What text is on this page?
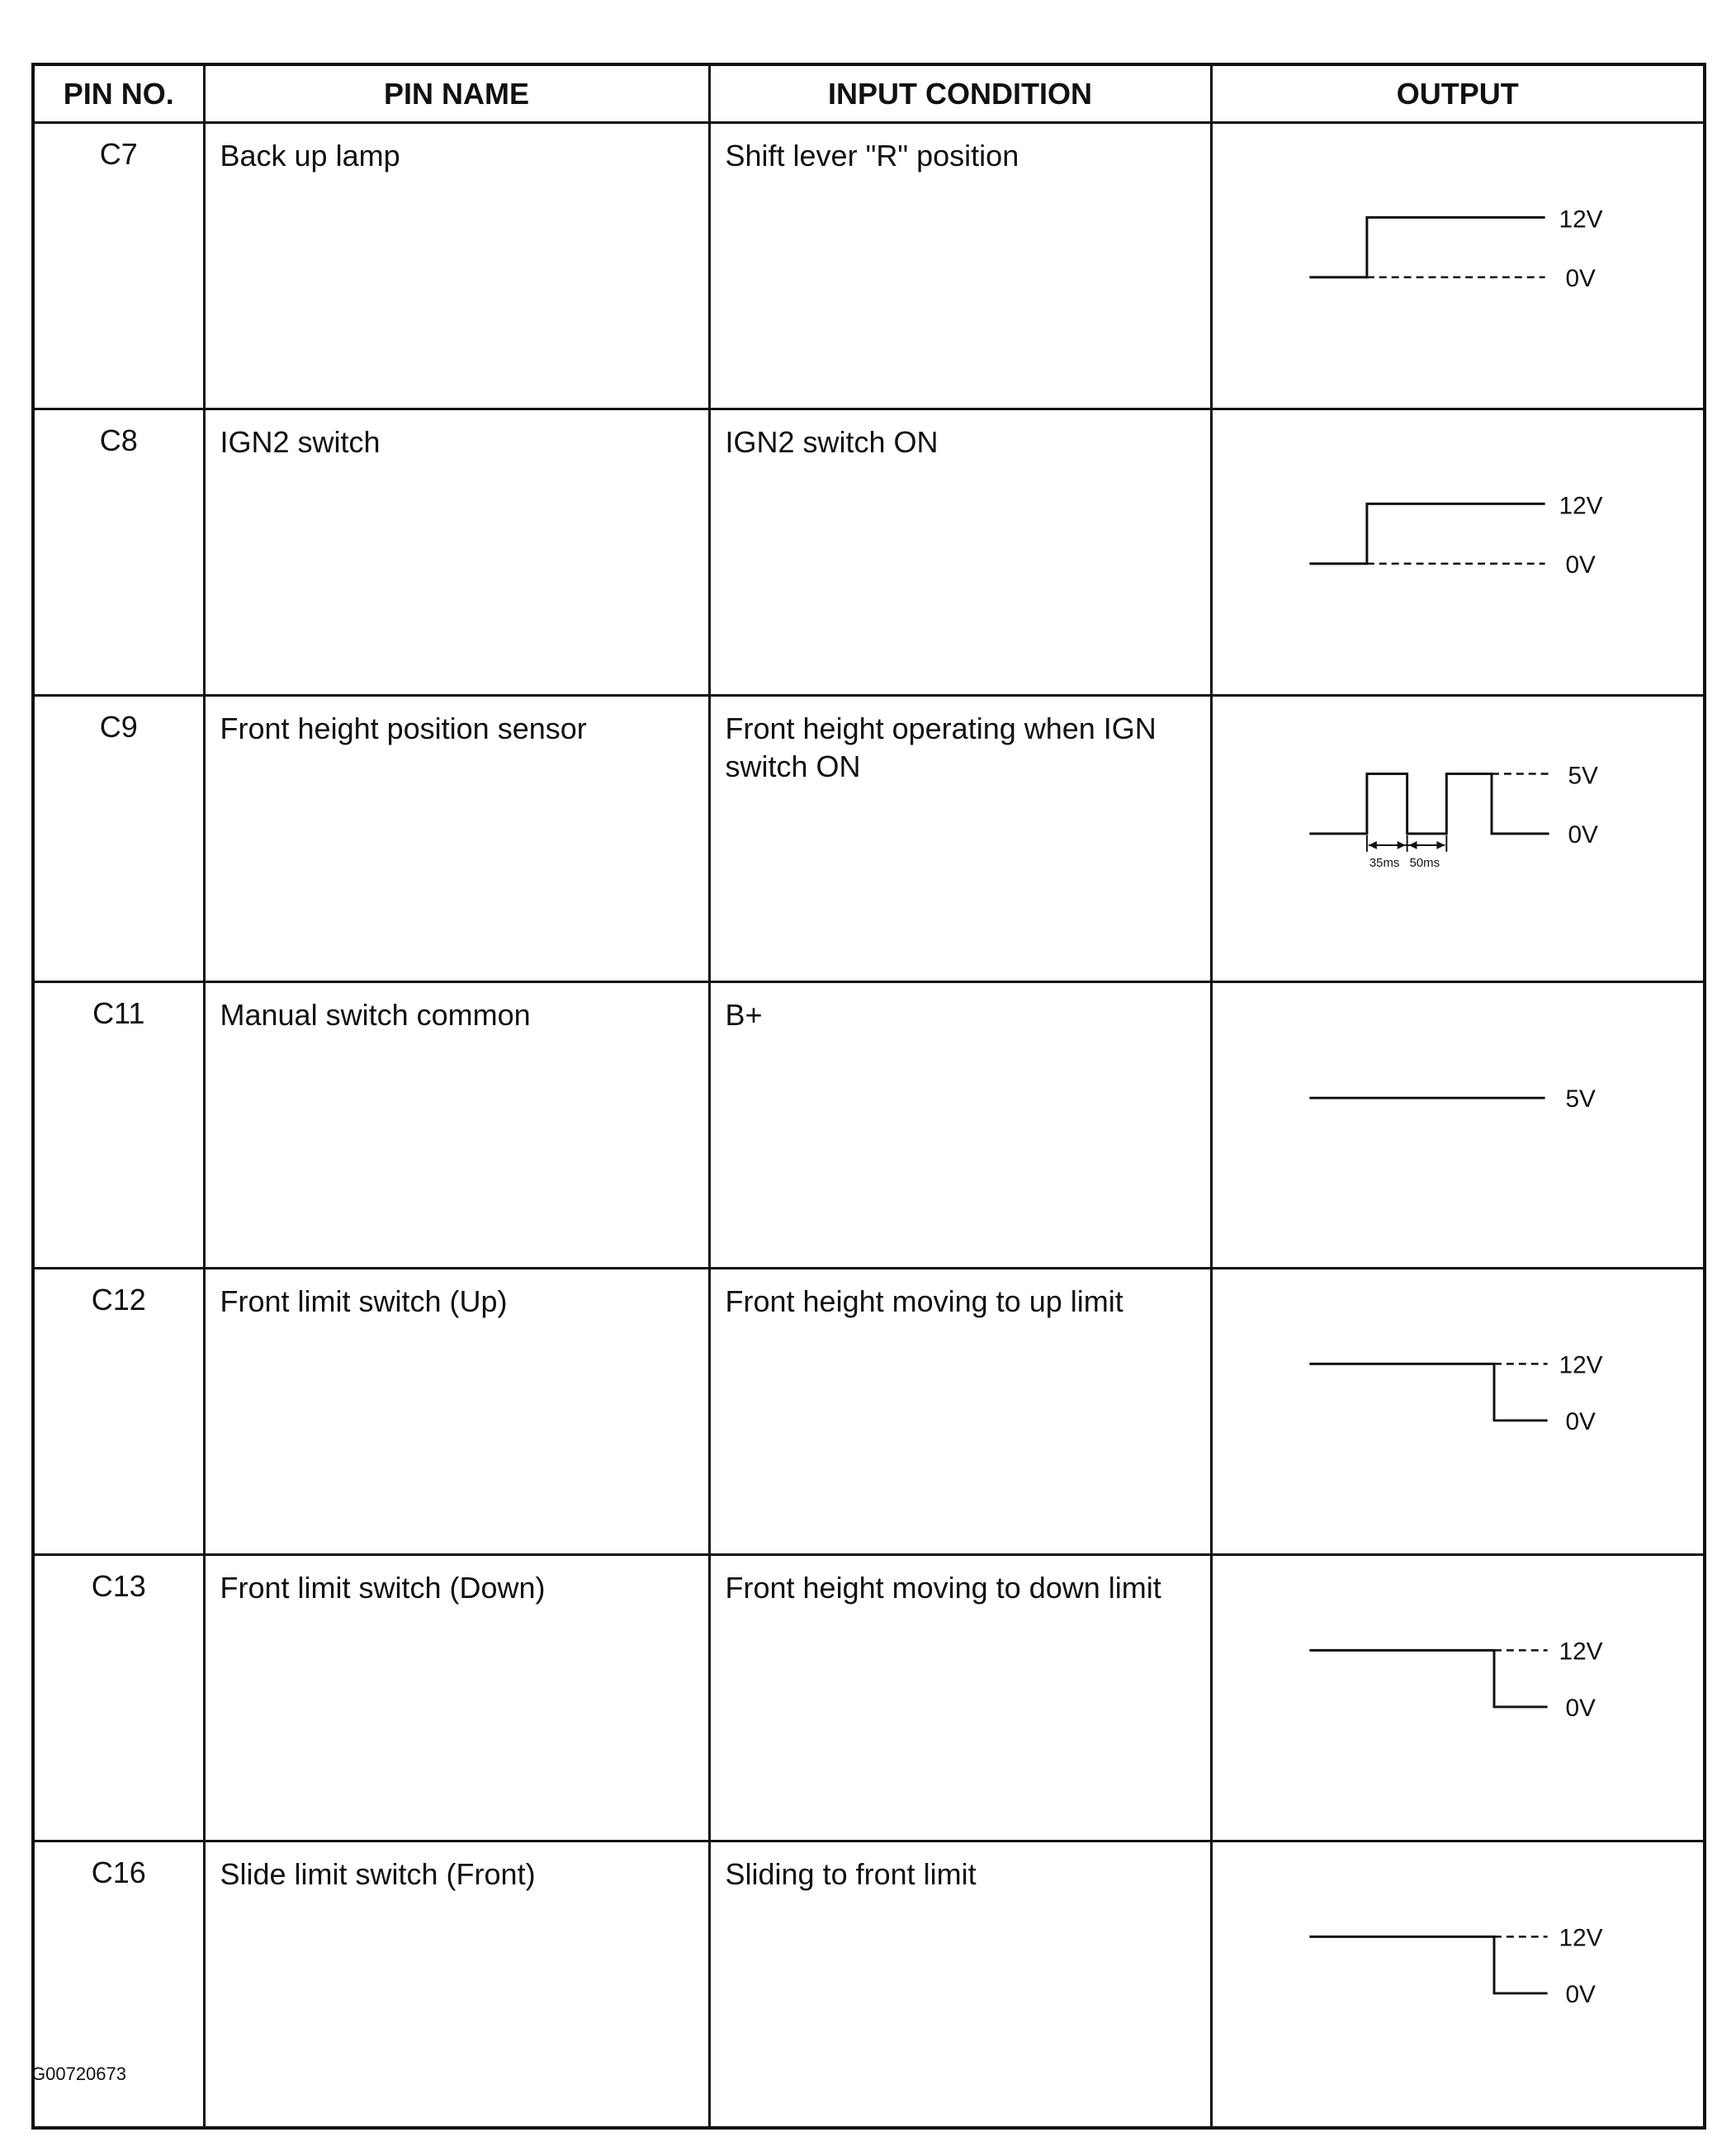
PIN NO.	PIN NAME	INPUT CONDITION	OUTPUT
C7	Back up lamp	Shift lever "R" position	12V
0V

C8	IGN2 switch	IGN2 switch ON	12V
0V

C9	Front height position sensor	Front height operating when IGN switch ON	5V
0V
35ms 50ms

C11	Manual switch common	B+	5V

C12	Front limit switch (Up)	Front height moving to up limit	12V
0V

C13	Front limit switch (Down)	Front height moving to down limit	12V
0V

C16	Slide limit switch (Front)	Sliding to front limit	12V
0V
G00720673
